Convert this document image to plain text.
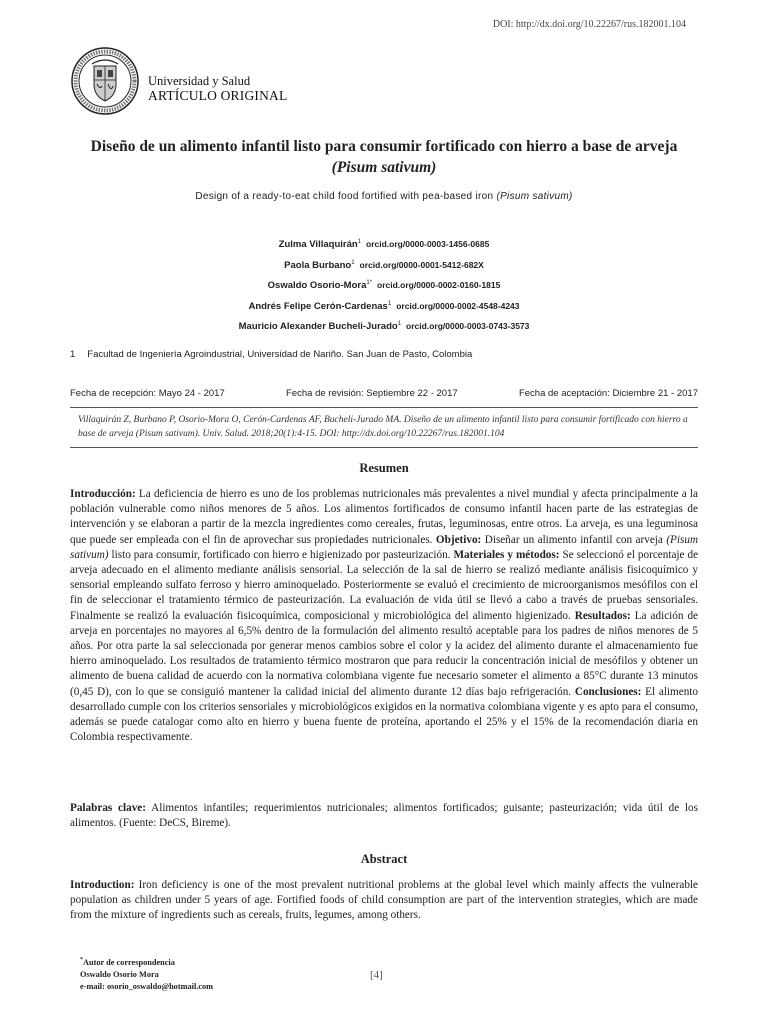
DOI: http://dx.doi.org/10.22267/rus.182001.104
Universidad y Salud
ARTÍCULO ORIGINAL
Diseño de un alimento infantil listo para consumir fortificado con hierro a base de arveja (Pisum sativum)
Design of a ready-to-eat child food fortified with pea-based iron (Pisum sativum)
Zulma Villaquirán$^1$ orcid.org/0000-0003-1456-0685
Paola Burbano$^1$ orcid.org/0000-0001-5412-682X
Oswaldo Osorio-Mora$^{1*}$ orcid.org/0000-0002-0160-1815
Andrés Felipe Cerón-Cardenas$^1$ orcid.org/0000-0002-4548-4243
Mauricio Alexander Bucheli-Jurado$^1$ orcid.org/0000-0003-0743-3573
1 Facultad de Ingeniería Agroindustrial, Universidad de Nariño. San Juan de Pasto, Colombia
Fecha de recepción: Mayo 24 - 2017	Fecha de revisión: Septiembre 22 - 2017	Fecha de aceptación: Diciembre 21 - 2017
Villaquirán Z, Burbano P, Osorio-Mora O, Cerón-Cardenas AF, Bucheli-Jurado MA. Diseño de un alimento infantil listo para consumir fortificado con hierro a base de arveja (Pisum sativum). Univ. Salud. 2018;20(1):4-15. DOI: http://dx.doi.org/10.22267/rus.182001.104
Resumen
Introducción: La deficiencia de hierro es uno de los problemas nutricionales más prevalentes a nivel mundial y afecta principalmente a la población vulnerable como niños menores de 5 años. Los alimentos fortificados de consumo infantil hacen parte de las estrategias de intervención y se elaboran a partir de la mezcla ingredientes como cereales, frutas, leguminosas, entre otros. La arveja, es una leguminosa que puede ser empleada con el fin de aprovechar sus propiedades nutricionales. Objetivo: Diseñar un alimento infantil con arveja (Pisum sativum) listo para consumir, fortificado con hierro e higienizado por pasteurización. Materiales y métodos: Se seleccionó el porcentaje de arveja adecuado en el alimento mediante análisis sensorial. La selección de la sal de hierro se realizó mediante análisis fisicoquímico y sensorial empleando sulfato ferroso y hierro aminoquelado. Posteriormente se evaluó el crecimiento de microorganismos mesófilos con el fin de seleccionar el tratamiento térmico de pasteurización. La evaluación de vida útil se llevó a cabo a través de pruebas sensoriales. Finalmente se realizó la evaluación fisicoquímica, composicional y microbiológica del alimento higienizado. Resultados: La adición de arveja en porcentajes no mayores al 6,5% dentro de la formulación del alimento resultó aceptable para los padres de niños menores de 5 años. Por otra parte la sal seleccionada por generar menos cambios sobre el color y la acidez del alimento durante el almacenamiento fue hierro aminoquelado. Los resultados de tratamiento térmico mostraron que para reducir la concentración inicial de mesófilos y obtener un alimento de buena calidad de acuerdo con la normativa colombiana vigente fue necesario someter el alimento a 85°C durante 13 minutos (0,45 D), con lo que se consiguió mantener la calidad inicial del alimento durante 12 días bajo refrigeración. Conclusiones: El alimento desarrollado cumple con los criterios sensoriales y microbiológicos exigidos en la normativa colombiana vigente y es apto para el consumo, además se puede catalogar como alto en hierro y buena fuente de proteína, aportando el 25% y el 15% de la recomendación diaria en Colombia respectivamente.
Palabras clave: Alimentos infantiles; requerimientos nutricionales; alimentos fortificados; guisante; pasteurización; vida útil de los alimentos. (Fuente: DeCS, Bireme).
Abstract
Introduction: Iron deficiency is one of the most prevalent nutritional problems at the global level which mainly affects the vulnerable population as children under 5 years of age. Fortified foods of child consumption are part of the intervention strategies, which are made from the mixture of ingredients such as cereals, fruits, legumes, among others.
*Autor de correspondencia
Oswaldo Osorio Mora
e-mail: osorio_oswaldo@hotmail.com
[4]
